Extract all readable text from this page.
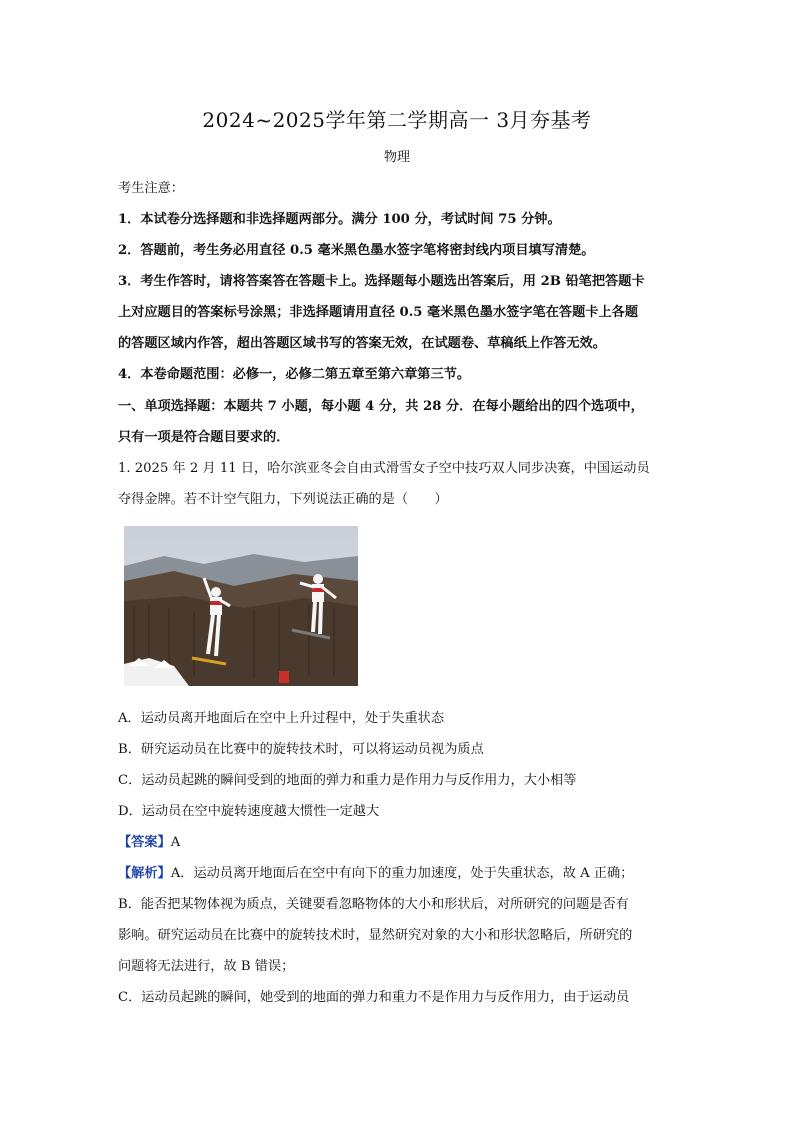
2024~2025学年第二学期高一 3月夯基考
物理
考生注意：
1．本试卷分选择题和非选择题两部分。满分 100 分，考试时间 75 分钟。
2．答题前，考生务必用直径 0.5 毫米黑色墨水签字笔将密封线内项目填写清楚。
3．考生作答时，请将答案答在答题卡上。选择题每小题选出答案后，用 2B 铅笔把答题卡
上对应题目的答案标号涂黑；非选择题请用直径 0.5 毫米黑色墨水签字笔在答题卡上各题
的答题区域内作答，超出答题区域书写的答案无效，在试题卷、草稿纸上作答无效。
4．本卷命题范围：必修一，必修二第五章至第六章第三节。
一、单项选择题：本题共 7 小题，每小题 4 分，共 28 分．在每小题给出的四个选项中，
只有一项是符合题目要求的．
1. 2025 年 2 月 11 日，哈尔滨亚冬会自由式滑雪女子空中技巧双人同步决赛，中国运动员
夺得金牌。若不计空气阻力，下列说法正确的是（　　）
A．运动员离开地面后在空中上升过程中，处于失重状态
B．研究运动员在比赛中的旋转技术时，可以将运动员视为质点
C．运动员起跳的瞬间受到的地面的弹力和重力是作用力与反作用力，大小相等
D．运动员在空中旋转速度越大惯性一定越大
【答案】A
【解析】A．运动员离开地面后在空中有向下的重力加速度，处于失重状态，故 A 正确；
B．能否把某物体视为质点，关键要看忽略物体的大小和形状后，对所研究的问题是否有
影响。研究运动员在比赛中的旋转技术时，显然研究对象的大小和形状忽略后，所研究的
问题将无法进行，故 B 错误；
C．运动员起跳的瞬间，她受到的地面的弹力和重力不是作用力与反作用力，由于运动员
